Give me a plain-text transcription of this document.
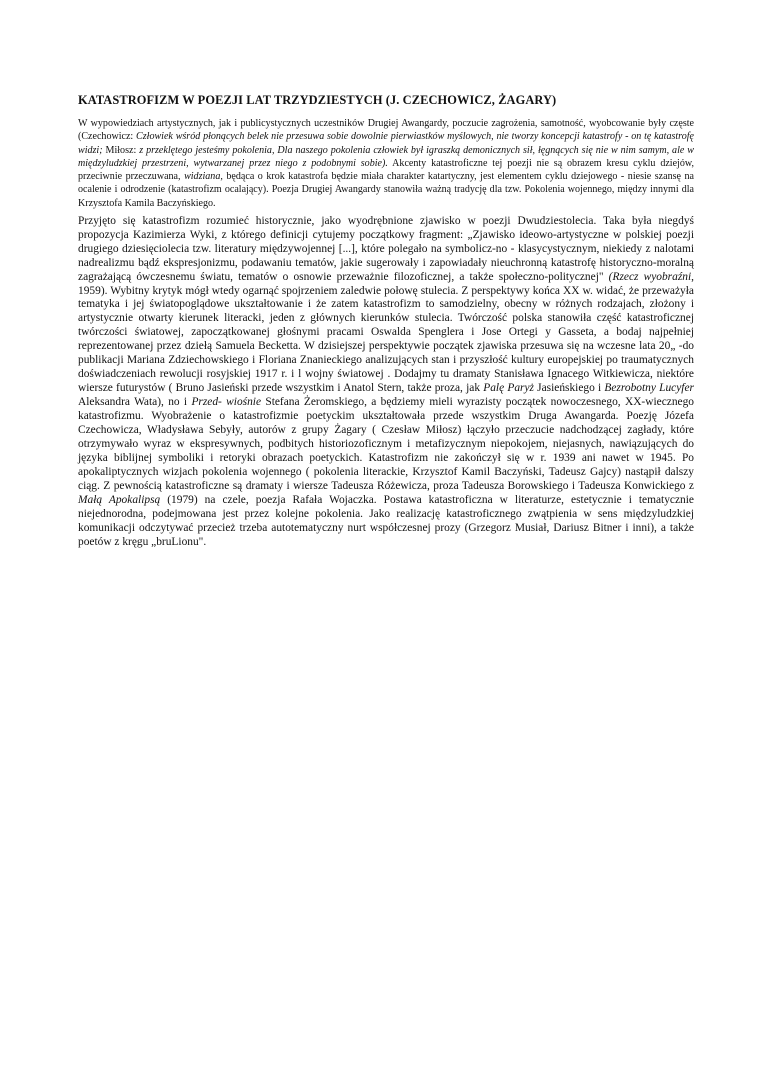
KATASTROFIZM W POEZJI LAT TRZYDZIESTYCH (J. CZECHOWICZ, ŻAGARY)

W wypowiedziach artystycznych, jak i publicystycznych uczestników Drugiej Awangardy, poczucie zagrożenia, samotność, wyobcowanie były częste (Czechowicz: Człowiek wśród płonących belek nie przesuwa sobie dowolnie pierwiastków myślowych, nie tworzy koncepcji katastrofy - on tę katastrofę widzi; Miłosz: z przeklętego jesteśmy pokolenia, Dla naszego pokolenia człowiek był igraszką demonicznych sił, łęgnących się nie w nim samym, ale w międzyludzkiej przestrzeni, wytwarzanej przez niego z podobnymi sobie). Akcenty katastroficzne tej poezji nie są obrazem kresu cyklu dziejów, przeciwnie przeczuwana, widziana, będąca o krok katastrofa będzie miała charakter katartyczny, jest elementem cyklu dziejowego - niesie szansę na ocalenie i odrodzenie (katastrofizm ocalający). Poezja Drugiej Awangardy stanowiła ważną tradycję dla tzw. Pokolenia wojennego, między innymi dla Krzysztofa Kamila Baczyńskiego.

Przyjęto się katastrofizm rozumieć historycznie, jako wyodrębnione zjawisko w poezji Dwudziestolecia. Taka była niegdyś propozycja Kazimierza Wyki, z którego definicji cytujemy początkowy fragment: „Zjawisko ideowo-artystyczne w polskiej poezji drugiego dziesięciolecia tzw. literatury międzywojennej [...], które polegało na symbolicz-no - klasycystycznym, niekiedy z nalotami nadrealizmu bądź ekspresjonizmu, podawaniu tematów, jakie sugerowały i zapowiadały nieuchronną katastrofę historyczno-moralną zagrażającą ówczesnemu światu, tematów o osnowie przeważnie filozoficznej, a także społeczno-politycznej" (Rzecz wyobraźni, 1959). Wybitny krytyk mógł wtedy ogarnąć spojrzeniem zaledwie połowę stulecia. Z perspektywy końca XX w. widać, że przeważyła tematyka i jej światopoglądowe ukształtowanie i że zatem katastrofizm to samodzielny, obecny w różnych rodzajach, złożony i artystycznie otwarty kierunek literacki, jeden z głównych kierunków stulecia. Twórczość polska stanowiła część katastroficznej twórczości światowej, zapoczątkowanej głośnymi pracami Oswalda Spenglera i Jose Ortegi y Gasseta, a bodaj najpełniej reprezentowanej przez dziełą Samuela Becketta. W dzisiejszej perspektywie początek zjawiska przesuwa się na wczesne lata 20„ -do publikacji Mariana Zdziechowskiego i Floriana Znanieckiego analizujących stan i przyszłość kultury europejskiej po traumatycznych doświadczeniach rewolucji rosyjskiej 1917 r. i l wojny światowej . Dodajmy tu dramaty Stanisława Ignacego Witkiewicza, niektóre wiersze futurystów ( Bruno Jasieński przede wszystkim i Anatol Stern, także proza, jak Palę Paryż Jasieńskiego i Bezrobotny Lucyfer Aleksandra Wata), no i Przed- wiośnie Stefana Żeromskiego, a będziemy mieli wyrazisty początek nowoczesnego, XX-wiecznego katastrofizmu. Wyobrażenie o katastrofizmie poetyckim ukształtowała przede wszystkim Druga Awangarda. Poezję Józefa Czechowicza, Władysława Sebyły, autorów z grupy Żagary ( Czesław Miłosz) łączyło przeczucie nadchodzącej zagłady, które otrzymywało wyraz w ekspresywnych, podbitych historiozoficznym i metafizycznym niepokojem, niejasnych, nawiązujących do języka biblijnej symboliki i retoryki obrazach poetyckich. Katastrofizm nie zakończył się w r. 1939 ani nawet w 1945. Po apokaliptycznych wizjach pokolenia wojennego ( pokolenia literackie, Krzysztof Kamil Baczyński, Tadeusz Gajcy) nastąpił dalszy ciąg. Z pewnością katastroficzne są dramaty i wiersze Tadeusza Różewicza, proza Tadeusza Borowskiego i Tadeusza Konwickiego z Małą Apokalipsą (1979) na czele, poezja Rafała Wojaczka. Postawa katastroficzna w literaturze, estetycznie i tematycznie niejednorodna, podejmowana jest przez kolejne pokolenia. Jako realizację katastroficznego zwątpienia w sens międzyludzkiej komunikacji odczytywać przecież trzeba autotematyczny nurt współczesnej prozy (Grzegorz Musiał, Dariusz Bitner i inni), a także poetów z kręgu „bruLionu".
